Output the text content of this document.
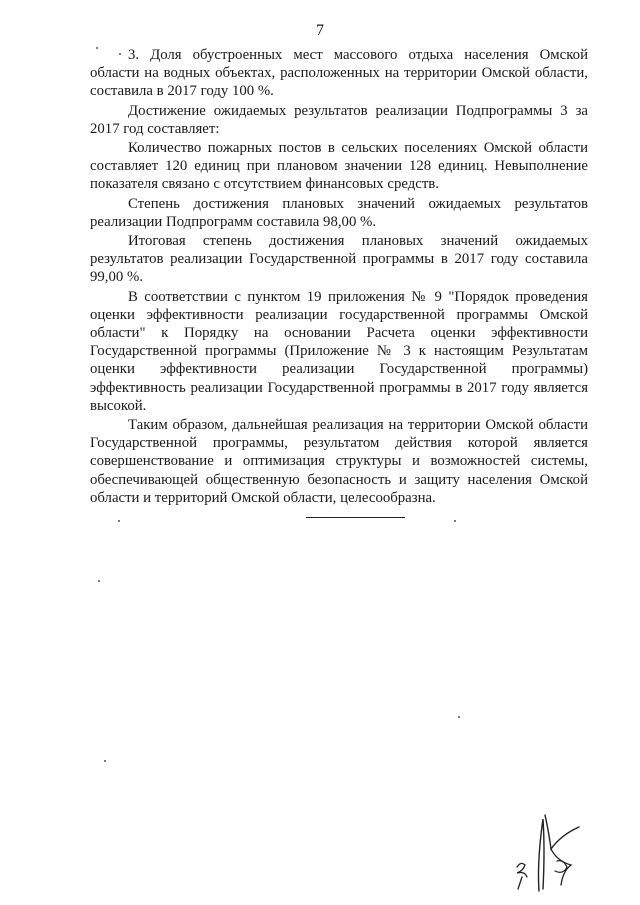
7

3. Доля обустроенных мест массового отдыха населения Омской области на водных объектах, расположенных на территории Омской области, составила в 2017 году 100 %.

Достижение ожидаемых результатов реализации Подпрограммы 3 за 2017 год составляет:

Количество пожарных постов в сельских поселениях Омской области составляет 120 единиц при плановом значении 128 единиц. Невыполнение показателя связано с отсутствием финансовых средств.

Степень достижения плановых значений ожидаемых результатов реализации Подпрограмм составила 98,00 %.

Итоговая степень достижения плановых значений ожидаемых результатов реализации Государственной программы в 2017 году составила 99,00 %.

В соответствии с пунктом 19 приложения № 9 "Порядок проведения оценки эффективности реализации государственной программы Омской области" к Порядку на основании Расчета оценки эффективности Государственной программы (Приложение № 3 к настоящим Результатам оценки эффективности реализации Государственной программы) эффективность реализации Государственной программы в 2017 году является высокой.

Таким образом, дальнейшая реализация на территории Омской области Государственной программы, результатом действия которой является совершенствование и оптимизация структуры и возможностей системы, обеспечивающей общественную безопасность и защиту населения Омской области и территорий Омской области, целесообразна.
